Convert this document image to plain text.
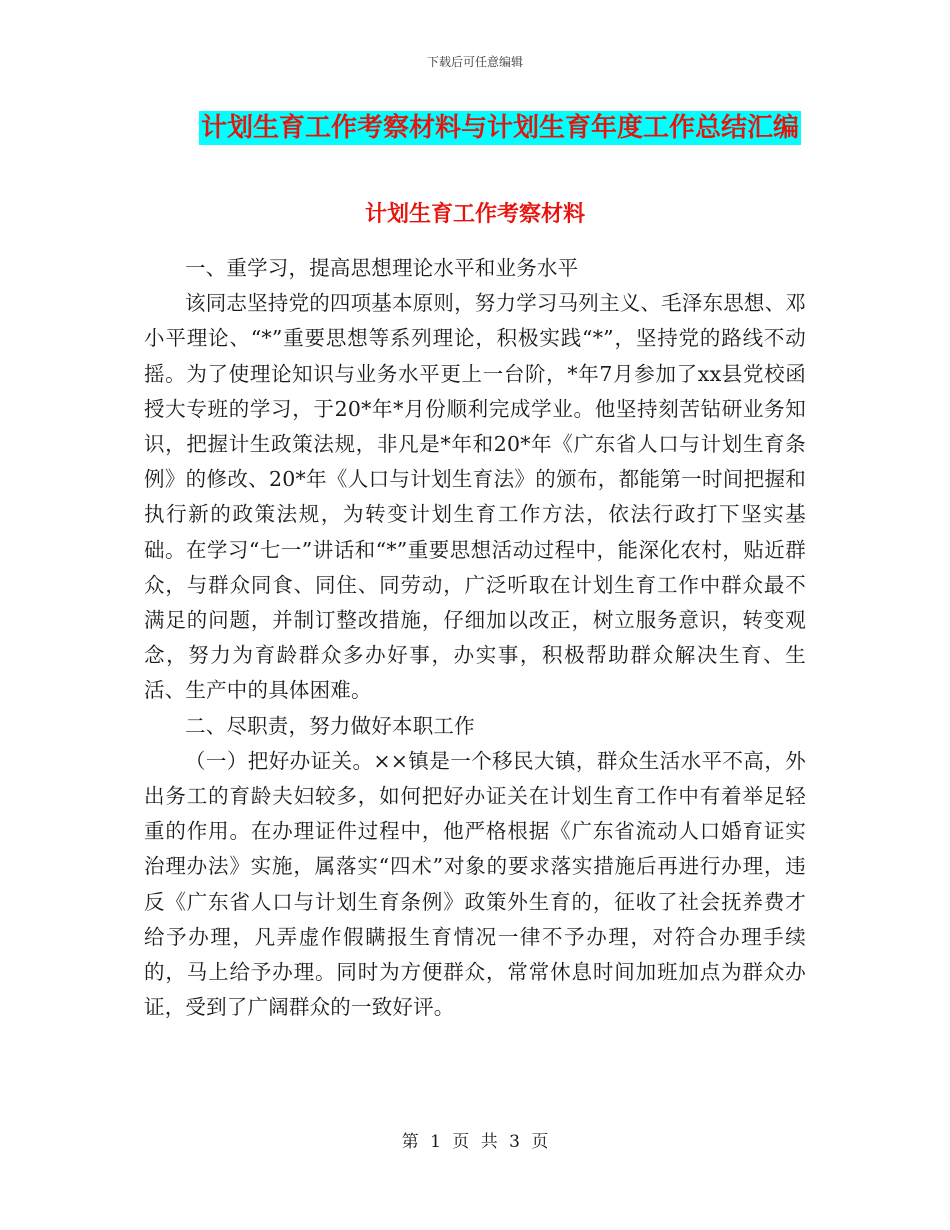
下载后可任意编辑
计划生育工作考察材料与计划生育年度工作总结汇编
计划生育工作考察材料

一、重学习，提高思想理论水平和业务水平

该同志坚持党的四项基本原则，努力学习马列主义、毛泽东思想、邓小平理论、“*”重要思想等系列理论，积极实践“*”，坚持党的路线不动摇。为了使理论知识与业务水平更上一台阶，*年7月参加了xx县党校函授大专班的学习，于20*年*月份顺利完成学业。他坚持刻苦钻研业务知识，把握计生政策法规，非凡是*年和20*年《广东省人口与计划生育条例》的修改、20*年《人口与计划生育法》的颁布，都能第一时间把握和执行新的政策法规，为转变计划生育工作方法，依法行政打下坚实基础。在学习“七一”讲话和“*”重要思想活动过程中，能深化农村，贴近群众，与群众同食、同住、同劳动，广泛听取在计划生育工作中群众最不满足的问题，并制订整改措施，仔细加以改正，树立服务意识，转变观念，努力为育龄群众多办好事，办实事，积极帮助群众解决生育、生活、生产中的具体困难。

二、尽职责，努力做好本职工作

（一）把好办证关。××镇是一个移民大镇，群众生活水平不高，外出务工的育龄夫妇较多，如何把好办证关在计划生育工作中有着举足轻重的作用。在办理证件过程中，他严格根据《广东省流动人口婚育证实治理办法》实施，属落实“四术”对象的要求落实措施后再进行办理，违反《广东省人口与计划生育条例》政策外生育的，征收了社会抚养费才给予办理，凡弄虚作假瞒报生育情况一律不予办理，对符合办理手续的，马上给予办理。同时为方便群众，常常休息时间加班加点为群众办证，受到了广阔群众的一致好评。

第 1 页 共 3 页
